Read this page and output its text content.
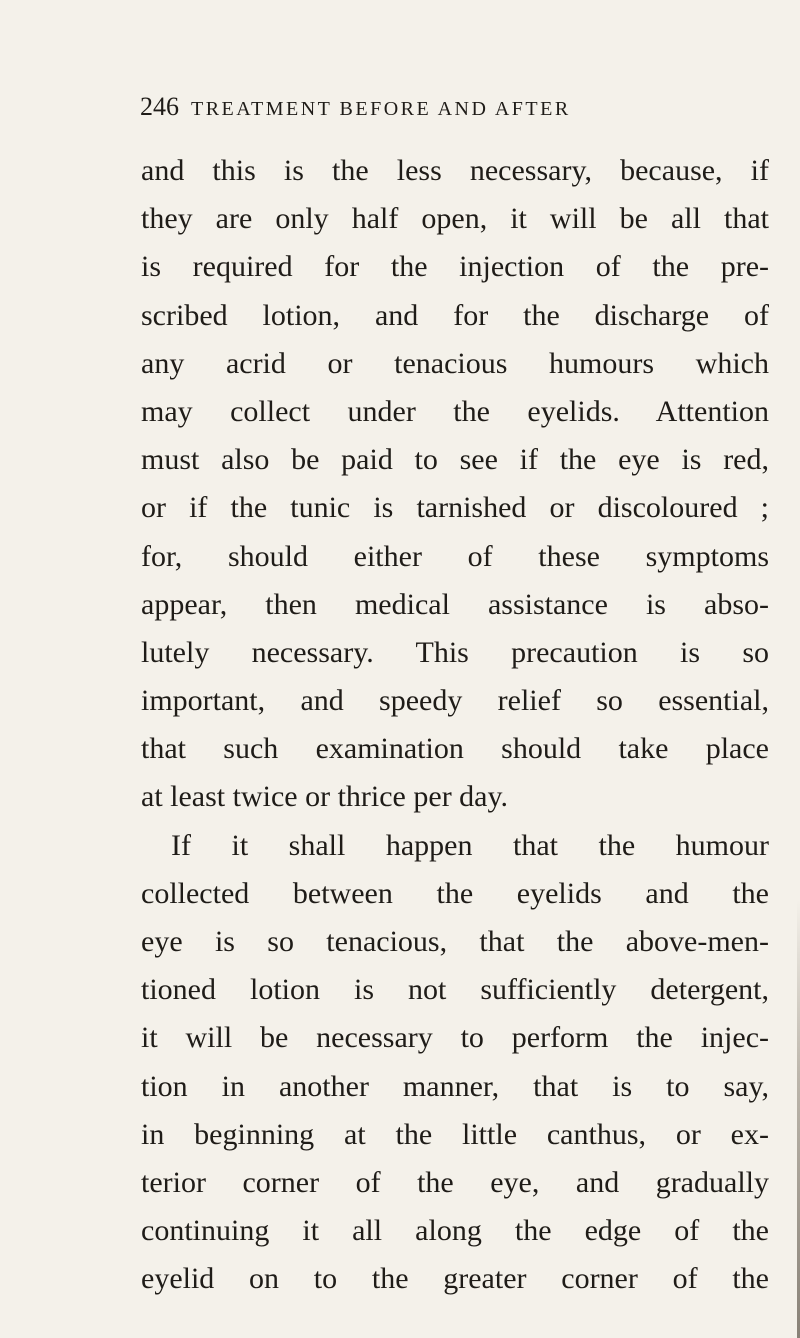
246 TREATMENT BEFORE AND AFTER
and this is the less necessary, because, if
they are only half open, it will be all that
is required for the injection of the pre-
scribed lotion, and for the discharge of
any acrid or tenacious humours which
may collect under the eyelids. Attention
must also be paid to see if the eye is red,
or if the tunic is tarnished or discoloured ;
for, should either of these symptoms
appear, then medical assistance is abso-
lutely necessary. This precaution is so
important, and speedy relief so essential,
that such examination should take place
at least twice or thrice per day.
If it shall happen that the humour
collected between the eyelids and the
eye is so tenacious, that the above-men-
tioned lotion is not sufficiently detergent,
it will be necessary to perform the injec-
tion in another manner, that is to say,
in beginning at the little canthus, or ex-
terior corner of the eye, and gradually
continuing it all along the edge of the
eyelid on to the greater corner of the
